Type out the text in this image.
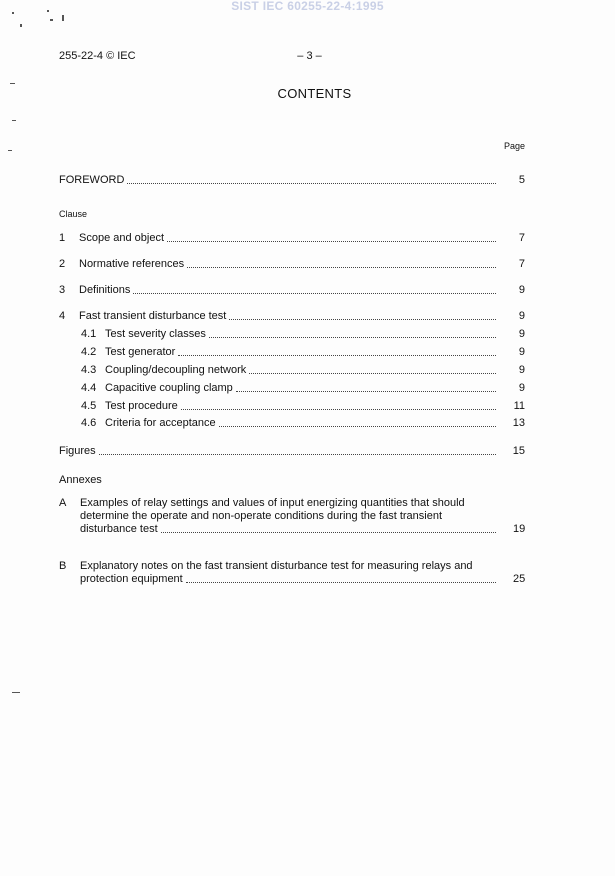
SIST IEC 60255-22-4:1995
255-22-4 © IEC	– 3 –
CONTENTS
Page
FOREWORD	5
Clause
1 Scope and object	7
2 Normative references	7
3 Definitions	9
4 Fast transient disturbance test	9
4.1 Test severity classes	9
4.2 Test generator	9
4.3 Coupling/decoupling network	9
4.4 Capacitive coupling clamp	9
4.5 Test procedure	11
4.6 Criteria for acceptance	13
Figures	15
Annexes
A Examples of relay settings and values of input energizing quantities that should
determine the operate and non-operate conditions during the fast transient
disturbance test	19
B Explanatory notes on the fast transient disturbance test for measuring relays and
protection equipment	25
